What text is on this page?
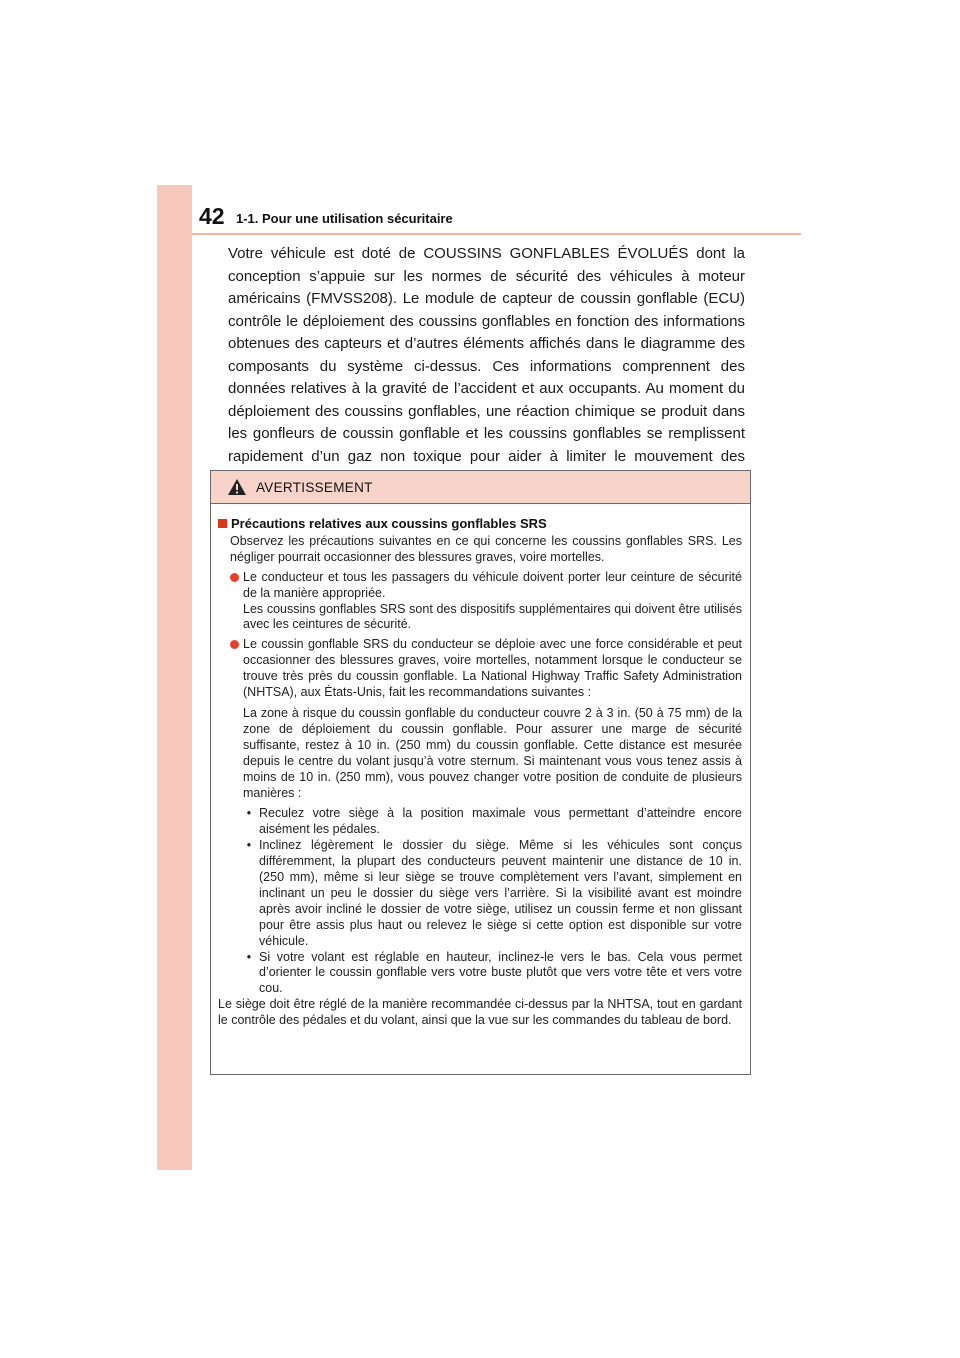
42 1-1. Pour une utilisation sécuritaire

Votre véhicule est doté de COUSSINS GONFLABLES ÉVOLUÉS dont la conception s’appuie sur les normes de sécurité des véhicules à moteur américains (FMVSS208). Le module de capteur de coussin gonflable (ECU) contrôle le déploiement des coussins gonflables en fonction des informations obtenues des capteurs et d’autres éléments affichés dans le diagramme des composants du système ci-dessus. Ces informations comprennent des données relatives à la gravité de l’accident et aux occupants. Au moment du déploiement des coussins gonflables, une réaction chimique se produit dans les gonfleurs de coussin gonflable et les coussins gonflables se remplissent rapidement d’un gaz non toxique pour aider à limiter le mouvement des

AVERTISSEMENT
Précautions relatives aux coussins gonflables SRS
Observez les précautions suivantes en ce qui concerne les coussins gonflables SRS. Les négliger pourrait occasionner des blessures graves, voire mortelles.
Le conducteur et tous les passagers du véhicule doivent porter leur ceinture de sécurité de la manière appropriée.
Les coussins gonflables SRS sont des dispositifs supplémentaires qui doivent être utilisés avec les ceintures de sécurité.
Le coussin gonflable SRS du conducteur se déploie avec une force considérable et peut occasionner des blessures graves, voire mortelles, notamment lorsque le conducteur se trouve très près du coussin gonflable. La National Highway Traffic Safety Administration (NHTSA), aux États-Unis, fait les recommandations suivantes :
La zone à risque du coussin gonflable du conducteur couvre 2 à 3 in. (50 à 75 mm) de la zone de déploiement du coussin gonflable. Pour assurer une marge de sécurité suffisante, restez à 10 in. (250 mm) du coussin gonflable. Cette distance est mesurée depuis le centre du volant jusqu’à votre sternum. Si maintenant vous vous tenez assis à moins de 10 in. (250 mm), vous pouvez changer votre position de conduite de plusieurs manières :
• Reculez votre siège à la position maximale vous permettant d’atteindre encore aisément les pédales.
• Inclinez légèrement le dossier du siège. Même si les véhicules sont conçus différemment, la plupart des conducteurs peuvent maintenir une distance de 10 in. (250 mm), même si leur siège se trouve complètement vers l’avant, simplement en inclinant un peu le dossier du siège vers l’arrière. Si la visibilité avant est moindre après avoir incliné le dossier de votre siège, utilisez un coussin ferme et non glissant pour être assis plus haut ou relevez le siège si cette option est disponible sur votre véhicule.
• Si votre volant est réglable en hauteur, inclinez-le vers le bas. Cela vous permet d’orienter le coussin gonflable vers votre buste plutôt que vers votre tête et vers votre cou.
Le siège doit être réglé de la manière recommandée ci-dessus par la NHTSA, tout en gardant le contrôle des pédales et du volant, ainsi que la vue sur les commandes du tableau de bord.
